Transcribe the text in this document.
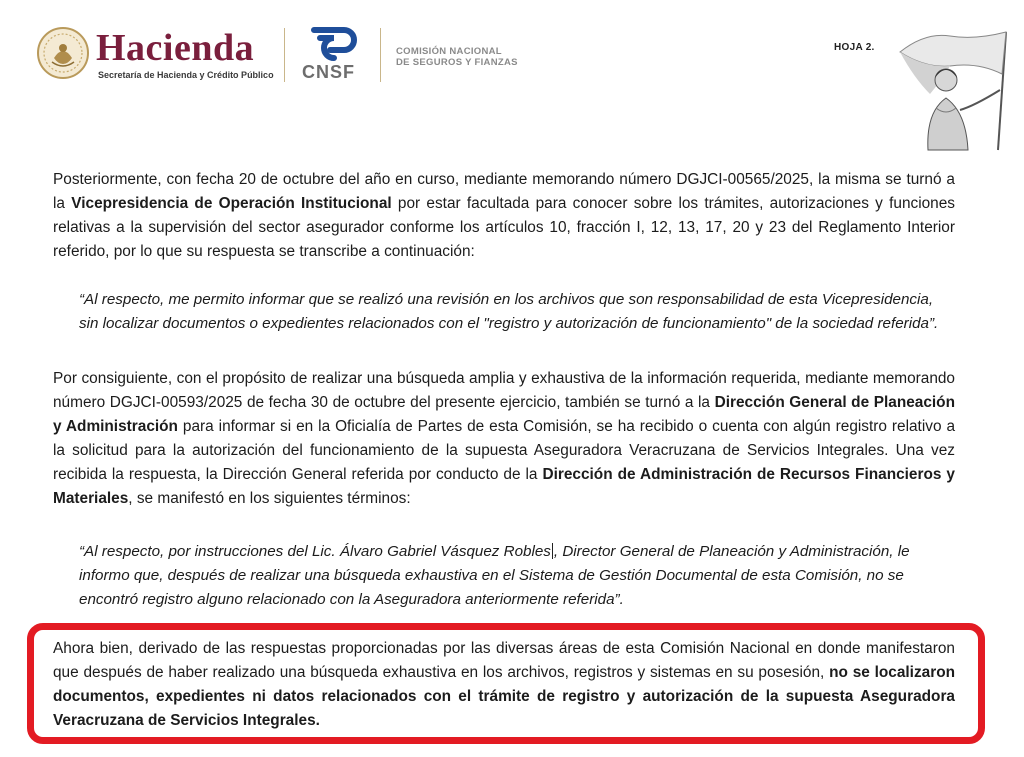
Hacienda
Secretaría de Hacienda y Crédito Público CNSF
COMISIÓN NACIONAL
DE SEGUROS Y FIANZAS
HOJA 2.
Posteriormente, con fecha 20 de octubre del año en curso, mediante memorando número DGJCI-00565/2025, la misma se turnó a la Vicepresidencia de Operación Institucional por estar facultada para conocer sobre los trámites, autorizaciones y funciones relativas a la supervisión del sector asegurador conforme los artículos 10, fracción I, 12, 13, 17, 20 y 23 del Reglamento Interior referido, por lo que su respuesta se transcribe a continuación:
“Al respecto, me permito informar que se realizó una revisión en los archivos que son responsabilidad de esta Vicepresidencia, sin localizar documentos o expedientes relacionados con el "registro y autorización de funcionamiento" de la sociedad referida”.
Por consiguiente, con el propósito de realizar una búsqueda amplia y exhaustiva de la información requerida, mediante memorando número DGJCI-00593/2025 de fecha 30 de octubre del presente ejercicio, también se turnó a la Dirección General de Planeación y Administración para informar si en la Oficialía de Partes de esta Comisión, se ha recibido o cuenta con algún registro relativo a la solicitud para la autorización del funcionamiento de la supuesta Aseguradora Veracruzana de Servicios Integrales. Una vez recibida la respuesta, la Dirección General referida por conducto de la Dirección de Administración de Recursos Financieros y Materiales, se manifestó en los siguientes términos:
“Al respecto, por instrucciones del Lic. Álvaro Gabriel Vásquez Robles , Director General de Planeación y Administración, le informo que, después de realizar una búsqueda exhaustiva en el Sistema de Gestión Documental de esta Comisión, no se encontró registro alguno relacionado con la Aseguradora anteriormente referida”.
Ahora bien, derivado de las respuestas proporcionadas por las diversas áreas de esta Comisión Nacional en donde manifestaron que después de haber realizado una búsqueda exhaustiva en los archivos, registros y sistemas en su posesión, no se localizaron documentos, expedientes ni datos relacionados con el trámite de registro y autorización de la supuesta Aseguradora Veracruzana de Servicios Integrales.
